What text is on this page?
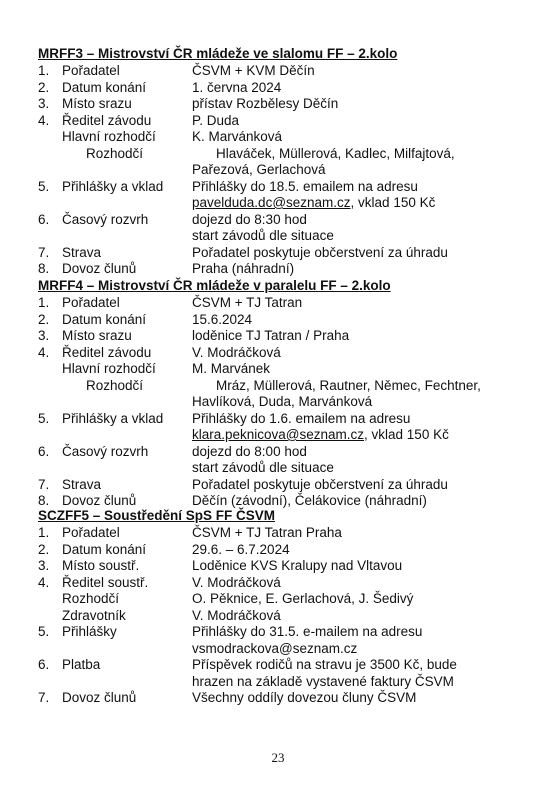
MRFF3 – Mistrovství ČR mládeže ve slalomu FF – 2.kolo
1. Pořadatel	ČSVM + KVM Děčín
2. Datum konání	1. června 2024
3. Místo srazu	přístav Rozbělesy Děčín
4. Ředitel závodu	P. Duda
Hlavní rozhodčí	K. Marvánková
Rozhodčí	Hlaváček, Müllerová, Kadlec, Milfajtová,
Pařezová, Gerlachová
5. Přihlášky a vklad	Přihlášky do 18.5. emailem na adresu
pavelduda.dc@seznam.cz, vklad 150 Kč
6. Časový rozvrh	dojezd do 8:30 hod
start závodů dle situace
7. Strava	Pořadatel poskytuje občerstvení za úhradu
8. Dovoz člunů	Praha (náhradní)
MRFF4 – Mistrovství ČR mládeže v paralelu FF – 2.kolo
1. Pořadatel	ČSVM + TJ Tatran
2. Datum konání	15.6.2024
3. Místo srazu	loděnice TJ Tatran / Praha
4. Ředitel závodu	V. Modráčková
Hlavní rozhodčí	M. Marvánek
Rozhodčí	Mráz, Müllerová, Rautner, Němec, Fechtner,
Havlíková, Duda, Marvánková
5. Přihlášky a vklad	Přihlášky do 1.6. emailem na adresu
klara.peknicova@seznam.cz, vklad 150 Kč
6. Časový rozvrh	dojezd do 8:00 hod
start závodů dle situace
7. Strava	Pořadatel poskytuje občerstvení za úhradu
8. Dovoz člunů	Děčín (závodní), Čelákovice (náhradní)
SCZFF5 – Soustředění SpS FF ČSVM
1. Pořadatel	ČSVM + TJ Tatran Praha
2. Datum konání	29.6. – 6.7.2024
3. Místo soustř.	Loděnice KVS Kralupy nad Vltavou
4. Ředitel soustř.	V. Modráčková
Rozhodčí	O. Pěknice, E. Gerlachová, J. Šedivý
Zdravotník	V. Modráčková
5. Přihlášky	Přihlášky do 31.5. e-mailem na adresu
vsmodrackova@seznam.cz
6. Platba	Příspěvek rodičů na stravu je 3500 Kč, bude
hrazen na základě vystavené faktury ČSVM
7. Dovoz člunů	Všechny oddíly dovezou čluny ČSVM
23
